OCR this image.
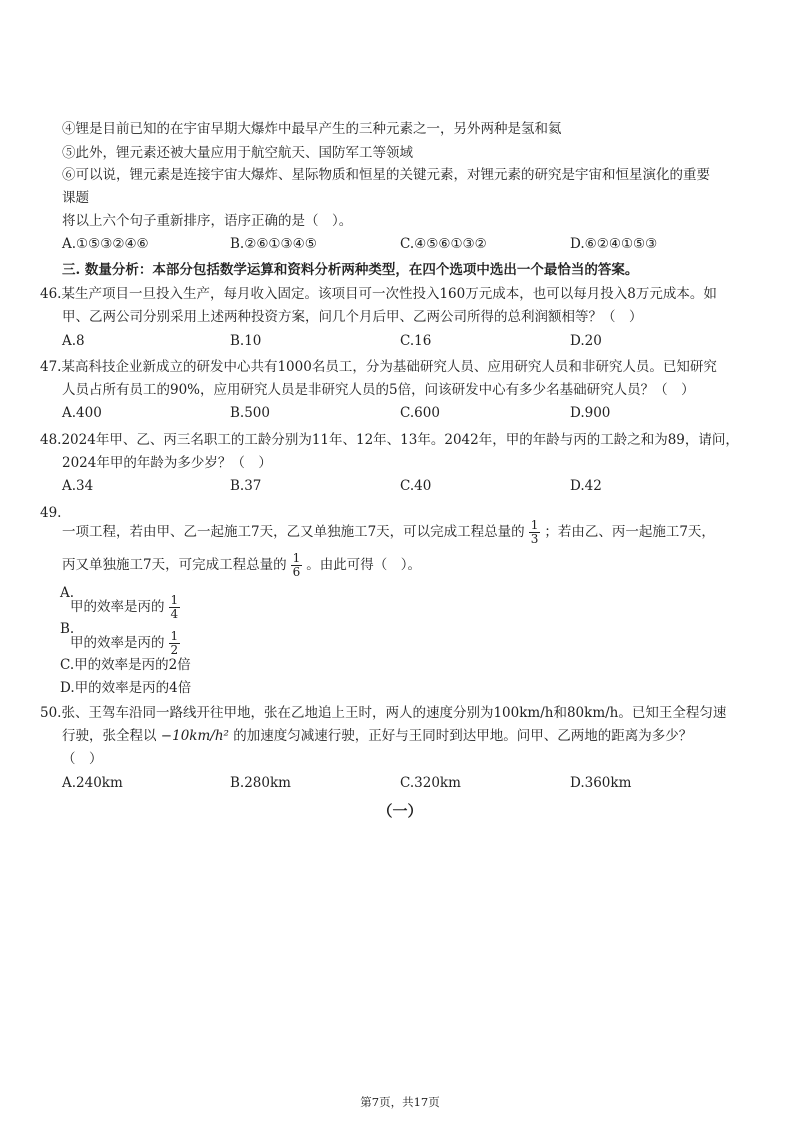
④锂是目前已知的在宇宙早期大爆炸中最早产生的三种元素之一，另外两种是氢和氦
⑤此外，锂元素还被大量应用于航空航天、国防军工等领域
⑥可以说，锂元素是连接宇宙大爆炸、星际物质和恒星的关键元素，对锂元素的研究是宇宙和恒星演化的重要
课题
将以上六个句子重新排序，语序正确的是（　）。
A.①⑤③②④⑥	B.②⑥①③④⑤	C.④⑤⑥①③②	D.⑥②④①⑤③
三. 数量分析：本部分包括数学运算和资料分析两种类型，在四个选项中选出一个最恰当的答案。
46.某生产项目一旦投入生产，每月收入固定。该项目可一次性投入160万元成本，也可以每月投入8万元成本。如
甲、乙两公司分别采用上述两种投资方案，问几个月后甲、乙两公司所得的总利润额相等？（　）
A.8	B.10	C.16	D.20
47.某高科技企业新成立的研发中心共有1000名员工，分为基础研究人员、应用研究人员和非研究人员。已知研究
人员占所有员工的90%，应用研究人员是非研究人员的5倍，问该研发中心有多少名基础研究人员？（　）
A.400	B.500	C.600	D.900
48.2024年甲、乙、丙三名职工的工龄分别为11年、12年、13年。2042年，甲的年龄与丙的工龄之和为89，请问，
2024年甲的年龄为多少岁？（　）
A.34	B.37	C.40	D.42
49.
一项工程，若由甲、乙一起施工7天，乙又单独施工7天，可以完成工程总量的 $\frac{1}{3}$ ；若由乙、丙一起施工7天，
丙又单独施工7天，可完成工程总量的 $\frac{1}{6}$ 。由此可得（　）。
A.
甲的效率是丙的 $\frac{1}{4}$
B.
甲的效率是丙的 $\frac{1}{2}$
C.甲的效率是丙的2倍
D.甲的效率是丙的4倍
50.张、王驾车沿同一路线开往甲地，张在乙地追上王时，两人的速度分别为100km/h和80km/h。已知王全程匀速
行驶，张全程以 −10km/h² 的加速度匀减速行驶，正好与王同时到达甲地。问甲、乙两地的距离为多少？
（　）
A.240km	B.280km	C.320km	D.360km
（一）
第7页，共17页
